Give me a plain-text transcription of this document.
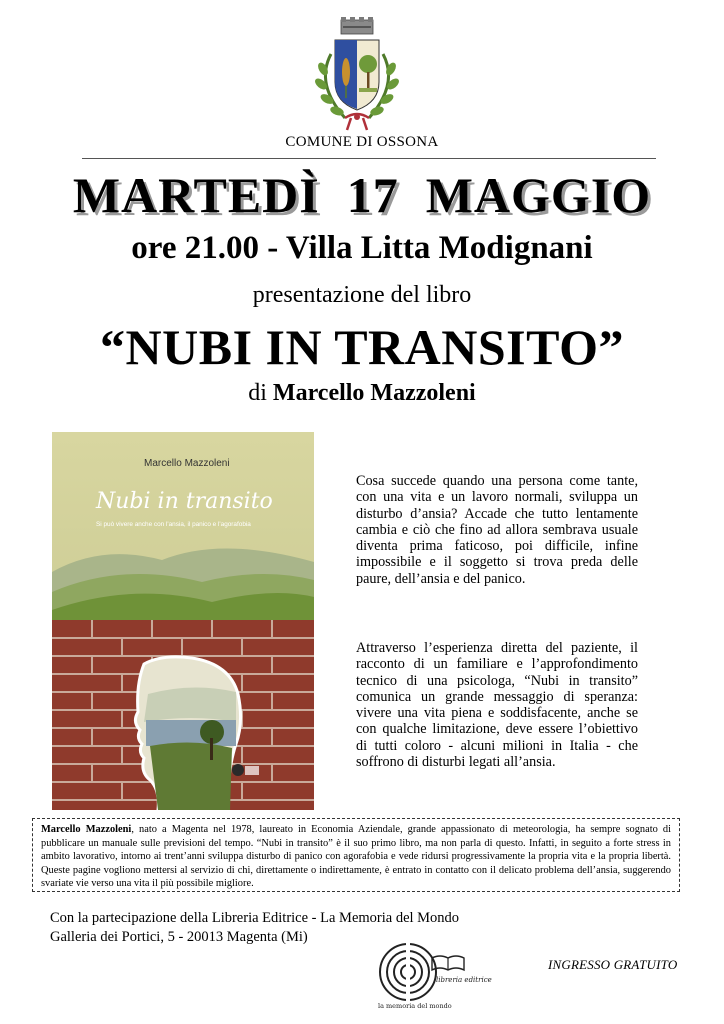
COMUNE DI OSSONA
MARTEDÌ  17  MAGGIO
ore 21.00 - Villa Litta Modignani
presentazione del libro
“NUBI IN TRANSITO”
di Marcello Mazzoleni
Marcello Mazzoleni
Nubi in transito
Si può vivere anche con l'ansia, il panico e l'agorafobia
Cosa succede quando una persona come tante, con una vita e un lavoro normali, sviluppa un disturbo d’ansia? Accade che tutto lentamente cambia e ciò che fino ad allora sembrava usuale diventa prima faticoso, poi difficile, infine impossibile e il soggetto si trova preda delle paure, dell’ansia e del panico.
Attraverso l’esperienza diretta del paziente, il racconto di un familiare e l’approfondimento tecnico di una psicologa, “Nubi in transito” comunica un grande messaggio di speranza: vivere una vita piena e soddisfacente, anche se con qualche limitazione, deve essere l’obiettivo di tutti coloro - alcuni milioni in Italia - che soffrono di disturbi legati all’ansia.
Marcello Mazzoleni, nato a Magenta nel 1978, laureato in Economia Aziendale, grande appassionato di meteorologia, ha sempre sognato di pubblicare un manuale sulle previsioni del tempo. “Nubi in transito” è il suo primo libro, ma non parla di questo. Infatti, in seguito a forte stress in ambito lavorativo, intorno ai trent’anni sviluppa disturbo di panico con agorafobia e vede ridursi progressivamente la propria vita e la propria libertà. Queste pagine vogliono mettersi al servizio di chi, direttamente o indirettamente, è entrato in contatto con il delicato problema dell’ansia, suggerendo svariate vie verso una vita il più possibile migliore.
Con la partecipazione della Libreria Editrice - La Memoria del Mondo
Galleria dei Portici, 5 - 20013 Magenta (Mi)
libreria editrice
la memoria del mondo
INGRESSO GRATUITO
